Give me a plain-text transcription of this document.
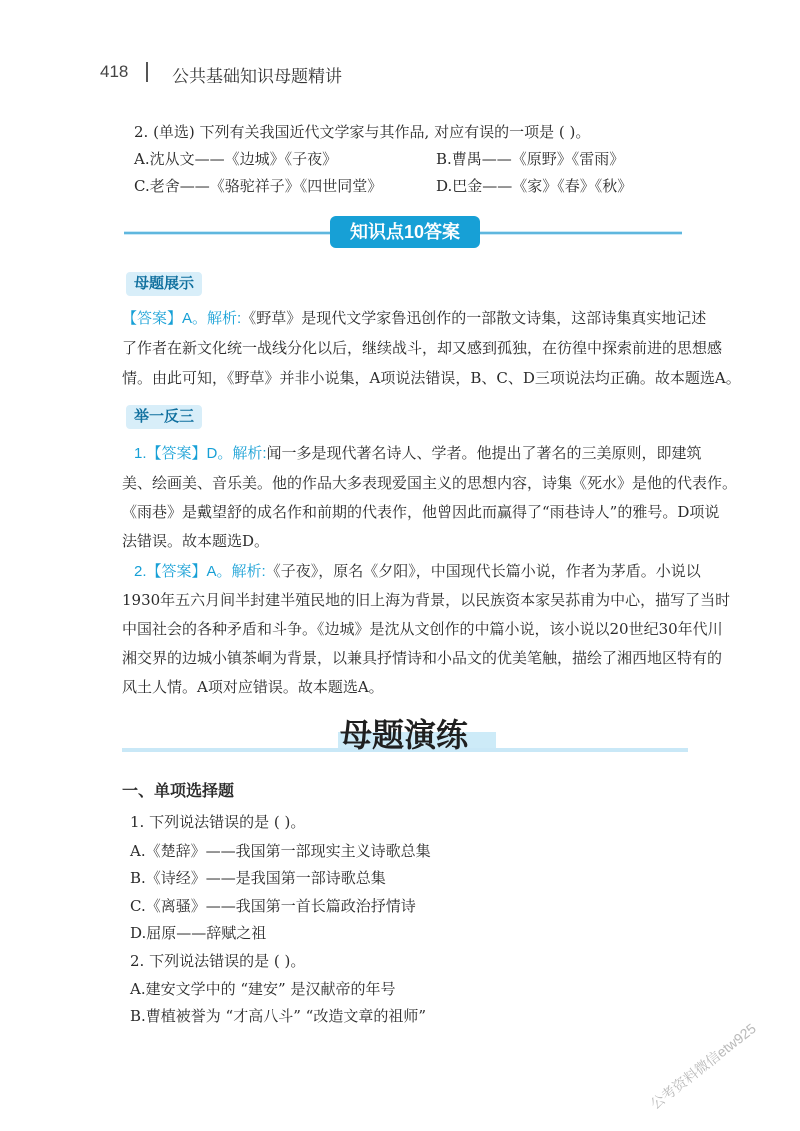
418	公共基础知识母题精讲
2. (单选) 下列有关我国近代文学家与其作品, 对应有误的一项是 ( )。
A.沈从文——《边城》《子夜》	B.曹禺——《原野》《雷雨》
C.老舍——《骆驼祥子》《四世同堂》	D.巴金——《家》《春》《秋》
知识点10答案
母题展示
【答案】A。解析:《野草》是现代文学家鲁迅创作的一部散文诗集，这部诗集真实地记述
了作者在新文化统一战线分化以后，继续战斗，却又感到孤独，在彷徨中探索前进的思想感
情。由此可知，《野草》并非小说集，A项说法错误，B、C、D三项说法均正确。故本题选A。
举一反三
1.【答案】D。解析:闻一多是现代著名诗人、学者。他提出了著名的三美原则，即建筑
美、绘画美、音乐美。他的作品大多表现爱国主义的思想内容，诗集《死水》是他的代表作。
《雨巷》是戴望舒的成名作和前期的代表作，他曾因此而赢得了“雨巷诗人”的雅号。D项说
法错误。故本题选D。
2.【答案】A。解析:《子夜》，原名《夕阳》，中国现代长篇小说，作者为茅盾。小说以
1930年五六月间半封建半殖民地的旧上海为背景，以民族资本家吴荪甫为中心，描写了当时
中国社会的各种矛盾和斗争。《边城》是沈从文创作的中篇小说，该小说以20世纪30年代川
湘交界的边城小镇茶峒为背景，以兼具抒情诗和小品文的优美笔触，描绘了湘西地区特有的
风土人情。A项对应错误。故本题选A。
母题演练
一、单项选择题
1. 下列说法错误的是 ( )。
A.《楚辞》——我国第一部现实主义诗歌总集
B.《诗经》——是我国第一部诗歌总集
C.《离骚》——我国第一首长篇政治抒情诗
D.屈原——辞赋之祖
2. 下列说法错误的是 ( )。
A.建安文学中的 “建安” 是汉献帝的年号
B.曹植被誉为 “才高八斗” “改造文章的祖师”
公考资料微信etw925
